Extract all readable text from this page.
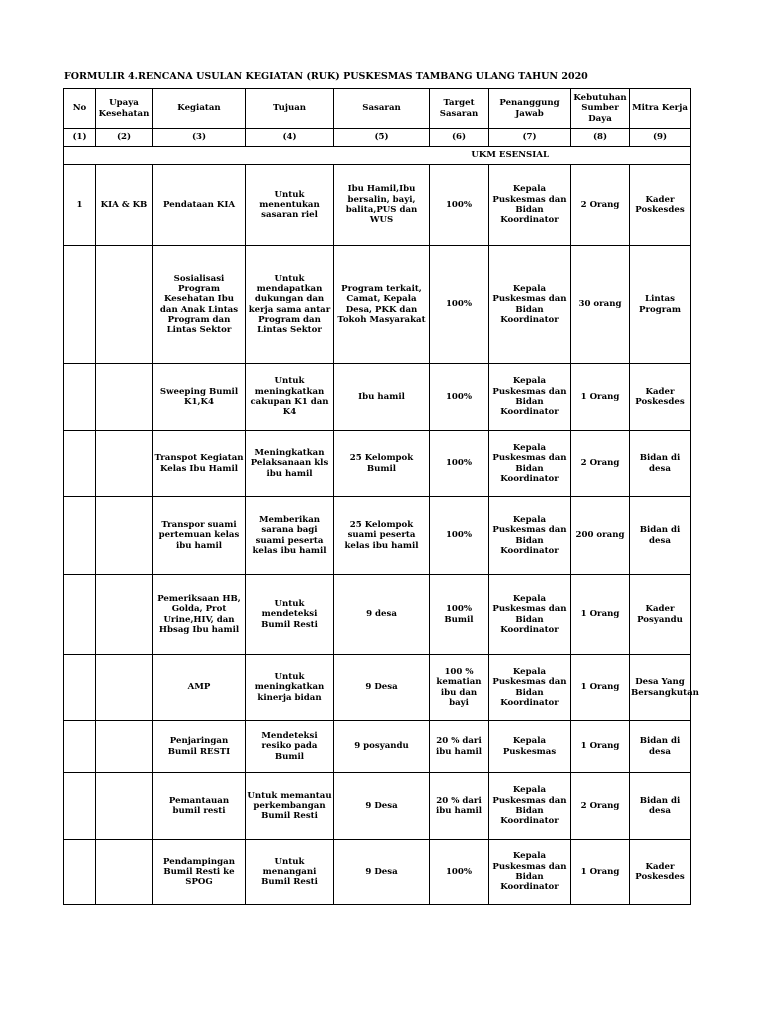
FORMULIR 4.RENCANA USULAN KEGIATAN (RUK) PUSKESMAS TAMBANG ULANG TAHUN 2020
No	Upaya Kesehatan	Kegiatan	Tujuan	Sasaran	Target Sasaran	Penanggung Jawab	Kebutuhan Sumber Daya	Mitra Kerja
(1)	(2)	(3)	(4)	(5)	(6)	(7)	(8)	(9)

UKM ESENSIAL								

1	KIA & KB	Pendataan KIA	Untuk menentukan sasaran riel	Ibu Hamil,Ibu bersalin, bayi, balita,PUS dan WUS	100%	Kepala Puskesmas dan Bidan Koordinator	2 Orang	Kader Poskesdes
		Sosialisasi Program Kesehatan Ibu dan Anak Lintas Program dan Lintas Sektor	Untuk mendapatkan dukungan dan kerja sama antar Program dan Lintas Sektor	Program terkait, Camat, Kepala Desa, PKK dan Tokoh Masyarakat	100%	Kepala Puskesmas dan Bidan Koordinator	30 orang	Lintas Program
		Sweeping Bumil K1,K4	Untuk meningkatkan cakupan K1 dan K4	Ibu hamil	100%	Kepala Puskesmas dan Bidan Koordinator	1 Orang	Kader Poskesdes
		Transpot Kegiatan Kelas Ibu Hamil	Meningkatkan Pelaksanaan kls ibu hamil	25 Kelompok Bumil	100%	Kepala Puskesmas dan Bidan Koordinator	2 Orang	Bidan di desa
		Transpor suami pertemuan kelas ibu hamil	Memberikan sarana bagi suami peserta kelas ibu hamil	25 Kelompok suami peserta kelas ibu hamil	100%	Kepala Puskesmas dan Bidan Koordinator	200 orang	Bidan di desa
		Pemeriksaan HB, Golda, Prot Urine,HIV, dan Hbsag Ibu hamil	Untuk mendeteksi Bumil Resti	9 desa	100% Bumil	Kepala Puskesmas dan Bidan Koordinator	1 Orang	Kader Posyandu
		AMP	Untuk meningkatkan kinerja bidan	9 Desa	100 % kematian ibu dan bayi	Kepala Puskesmas dan Bidan Koordinator	1 Orang	Desa Yang Bersangkutan
		Penjaringan Bumil RESTI	Mendeteksi resiko pada Bumil	9 posyandu	20 % dari ibu hamil	Kepala Puskesmas	1 Orang	Bidan di desa
		Pemantauan bumil resti	Untuk memantau perkembangan Bumil Resti	9 Desa	20 % dari ibu hamil	Kepala Puskesmas dan Bidan Koordinator	2 Orang	Bidan di desa
		Pendampingan Bumil Resti ke SPOG	Untuk menangani Bumil Resti	9 Desa	100%	Kepala Puskesmas dan Bidan Koordinator	1 Orang	Kader Poskesdes
